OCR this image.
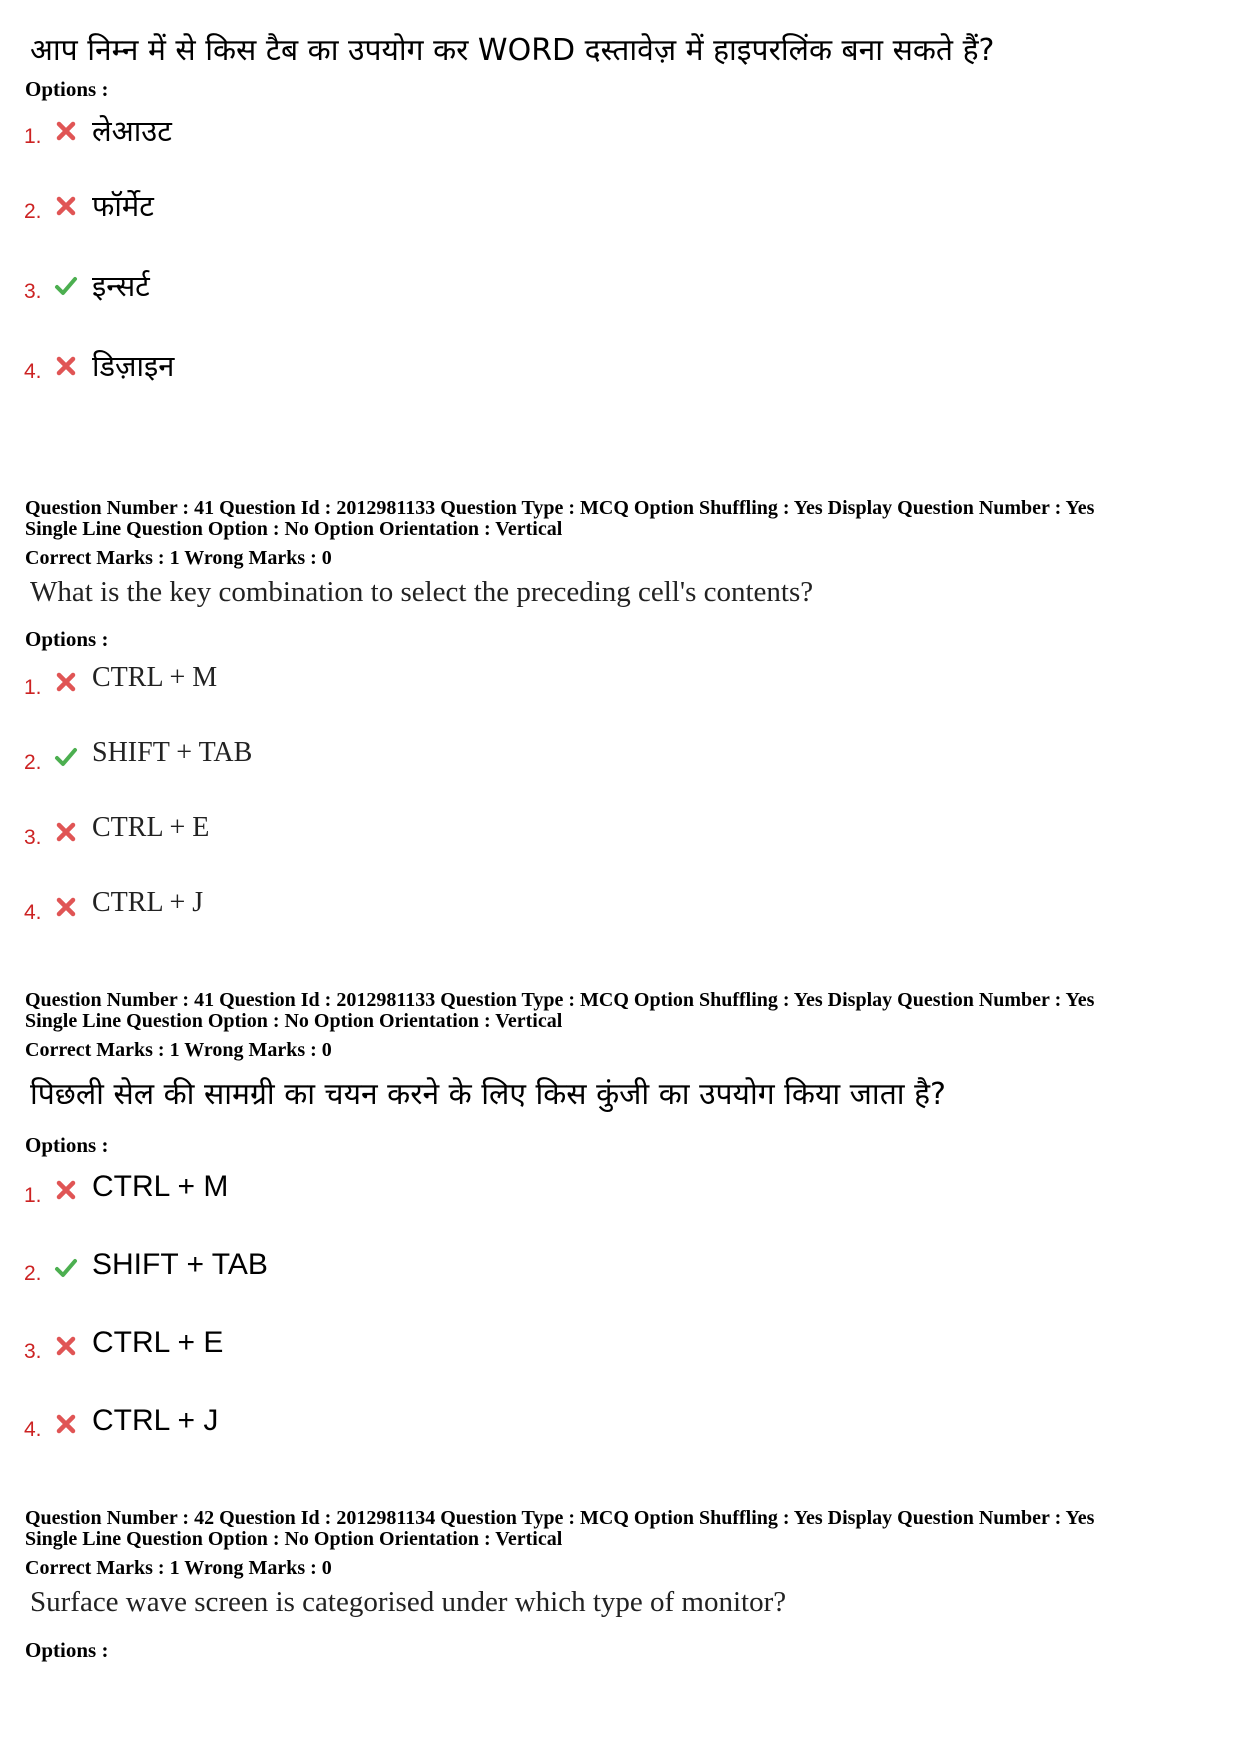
आप निम्न में से किस टैब का उपयोग कर WORD दस्तावेज़ में हाइपरलिंक बना सकते हैं?
Options :
1. लेआउट
2. फॉर्मेट
3. इन्सर्ट
4. डिज़ाइन
Question Number : 41 Question Id : 2012981133 Question Type : MCQ Option Shuffling : Yes Display Question Number : Yes
Single Line Question Option : No Option Orientation : Vertical
Correct Marks : 1 Wrong Marks : 0
What is the key combination to select the preceding cell's contents?
Options :
1. CTRL + M
2. SHIFT + TAB
3. CTRL + E
4. CTRL + J
Question Number : 41 Question Id : 2012981133 Question Type : MCQ Option Shuffling : Yes Display Question Number : Yes
Single Line Question Option : No Option Orientation : Vertical
Correct Marks : 1 Wrong Marks : 0
पिछली सेल की सामग्री का चयन करने के लिए किस कुंजी का उपयोग किया जाता है?
Options :
1. CTRL + M
2. SHIFT + TAB
3. CTRL + E
4. CTRL + J
Question Number : 42 Question Id : 2012981134 Question Type : MCQ Option Shuffling : Yes Display Question Number : Yes
Single Line Question Option : No Option Orientation : Vertical
Correct Marks : 1 Wrong Marks : 0
Surface wave screen is categorised under which type of monitor?
Options :
